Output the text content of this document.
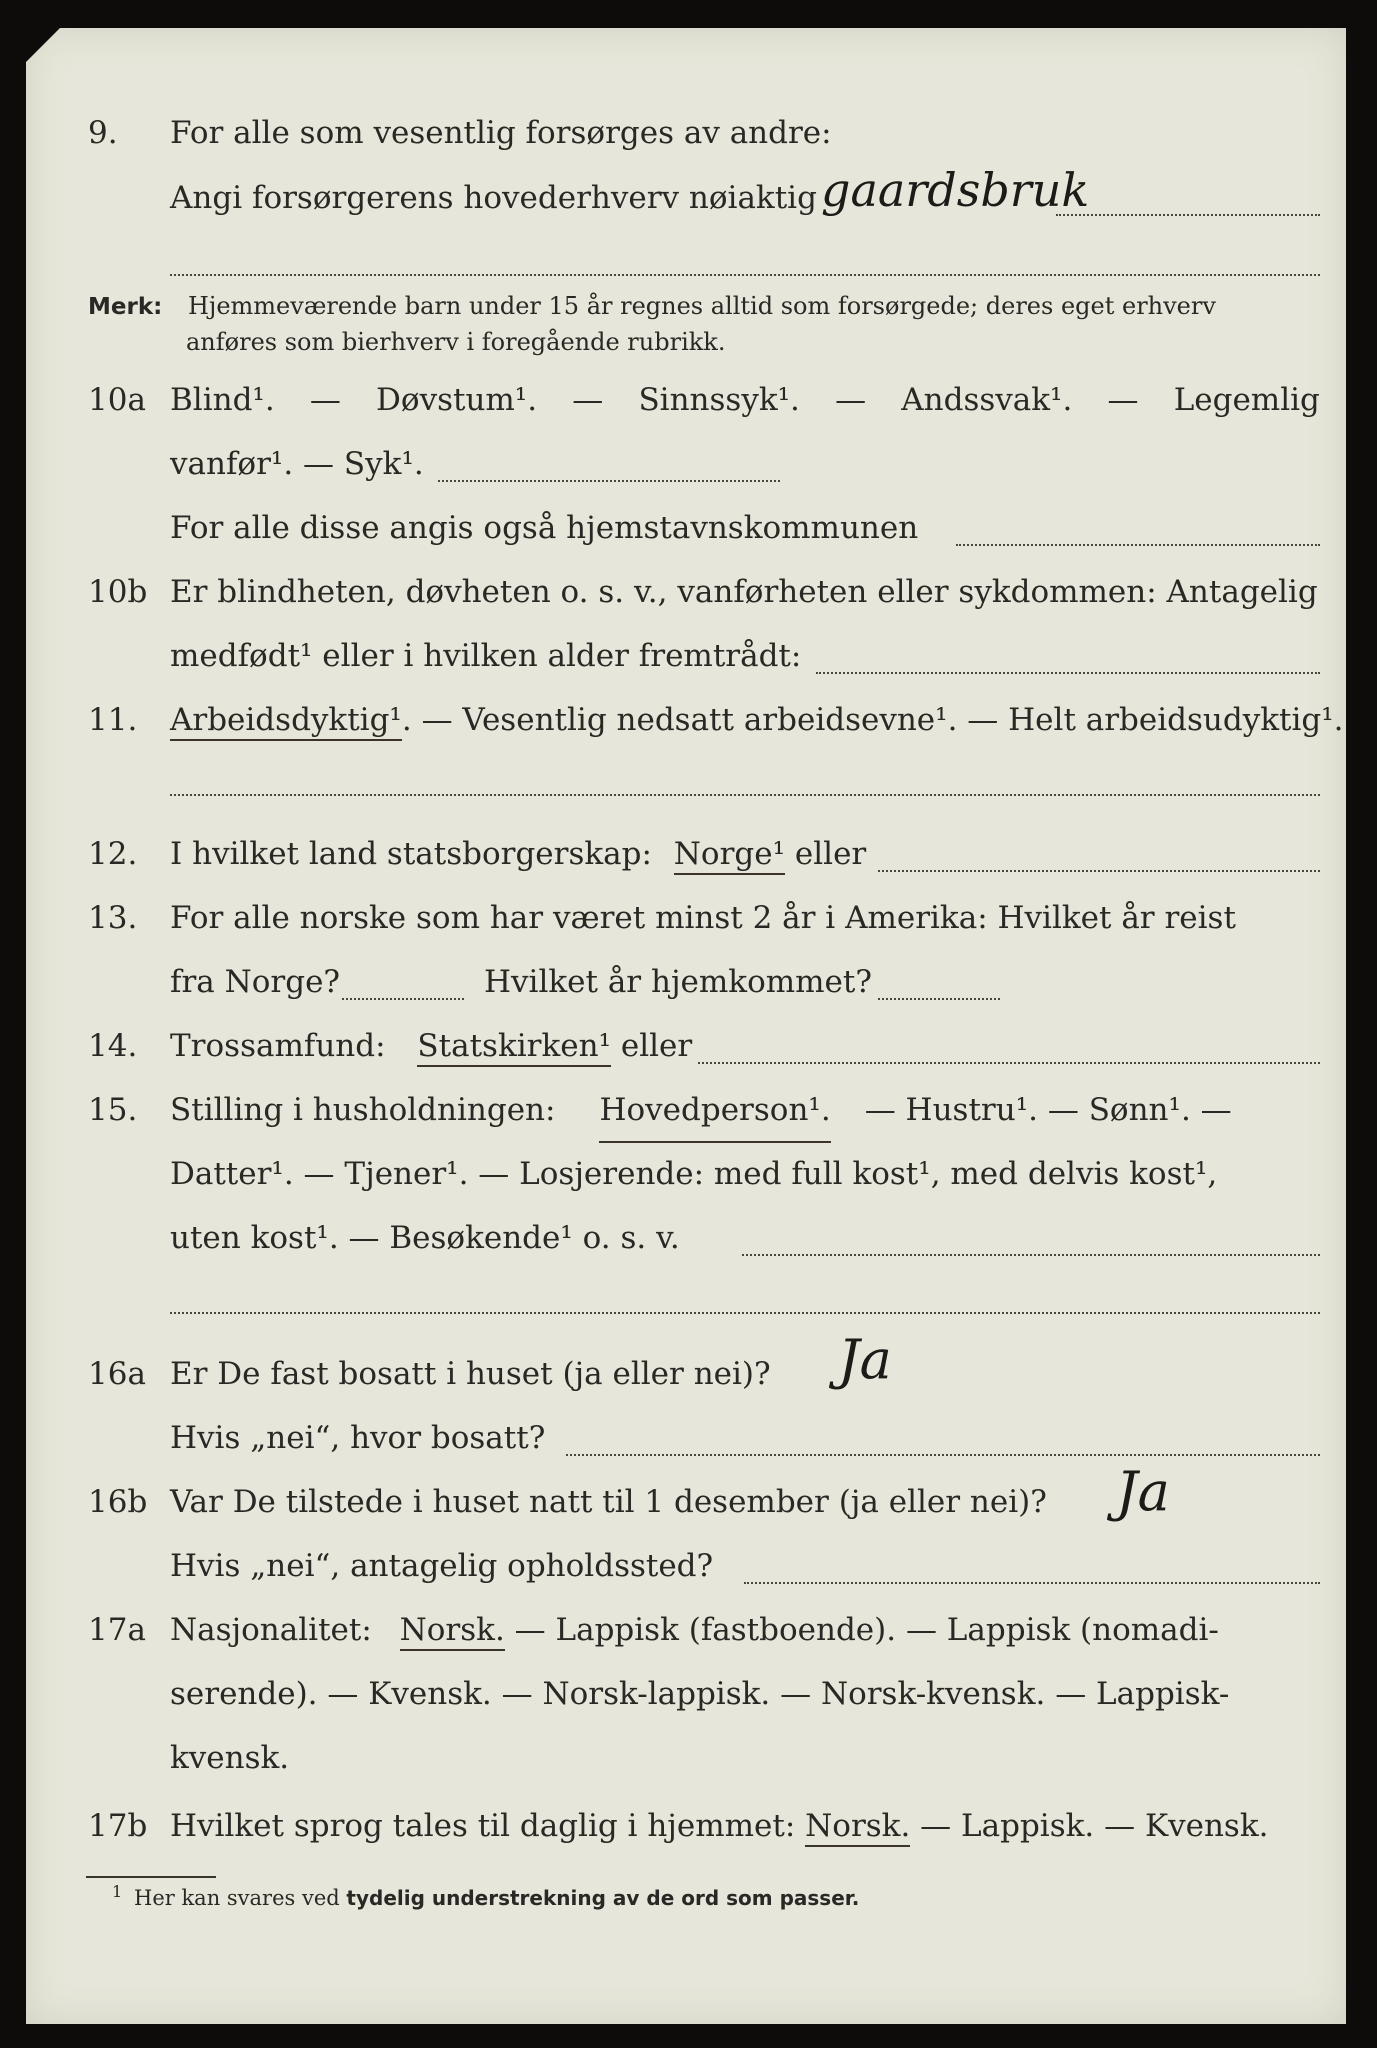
9. For alle som vesentlig forsørges av andre:
Angi forsørgerens hovederhverv nøiaktig gaardsbruk
Merk: Hjemmeværende barn under 15 år regnes alltid som forsørgede; deres eget erhverv
anføres som bierhverv i foregående rubrikk.
10a Blind¹. — Døvstum¹. — Sinnssyk¹. — Andssvak¹. — Legemlig
vanfør¹. — Syk¹.
For alle disse angis også hjemstavnskommunen
10b Er blindheten, døvheten o. s. v., vanførheten eller sykdommen: Antagelig
medfødt¹ eller i hvilken alder fremtrådt:
11. Arbeidsdyktig¹. — Vesentlig nedsatt arbeidsevne¹. — Helt arbeidsudyktig¹.
12. I hvilket land statsborgerskap: Norge¹ eller
13. For alle norske som har været minst 2 år i Amerika: Hvilket år reist
fra Norge?	Hvilket år hjemkommet?
14. Trossamfund: Statskirken¹ eller
15. Stilling i husholdningen: Hovedperson¹. — Hustru¹. — Sønn¹. —
Datter¹. — Tjener¹. — Losjerende: med full kost¹, med delvis kost¹,
uten kost¹. — Besøkende¹ o. s. v.
16a Er De fast bosatt i huset (ja eller nei)? Ja
Hvis „nei“, hvor bosatt?
16b Var De tilstede i huset natt til 1 desember (ja eller nei)? Ja
Hvis „nei“, antagelig opholdssted?
17a Nasjonalitet: Norsk. — Lappisk (fastboende). — Lappisk (nomadi-
serende). — Kvensk. — Norsk-lappisk. — Norsk-kvensk. — Lappisk-
kvensk.
17b Hvilket sprog tales til daglig i hjemmet: Norsk. — Lappisk. — Kvensk.
1 Her kan svares ved tydelig understrekning av de ord som passer.
